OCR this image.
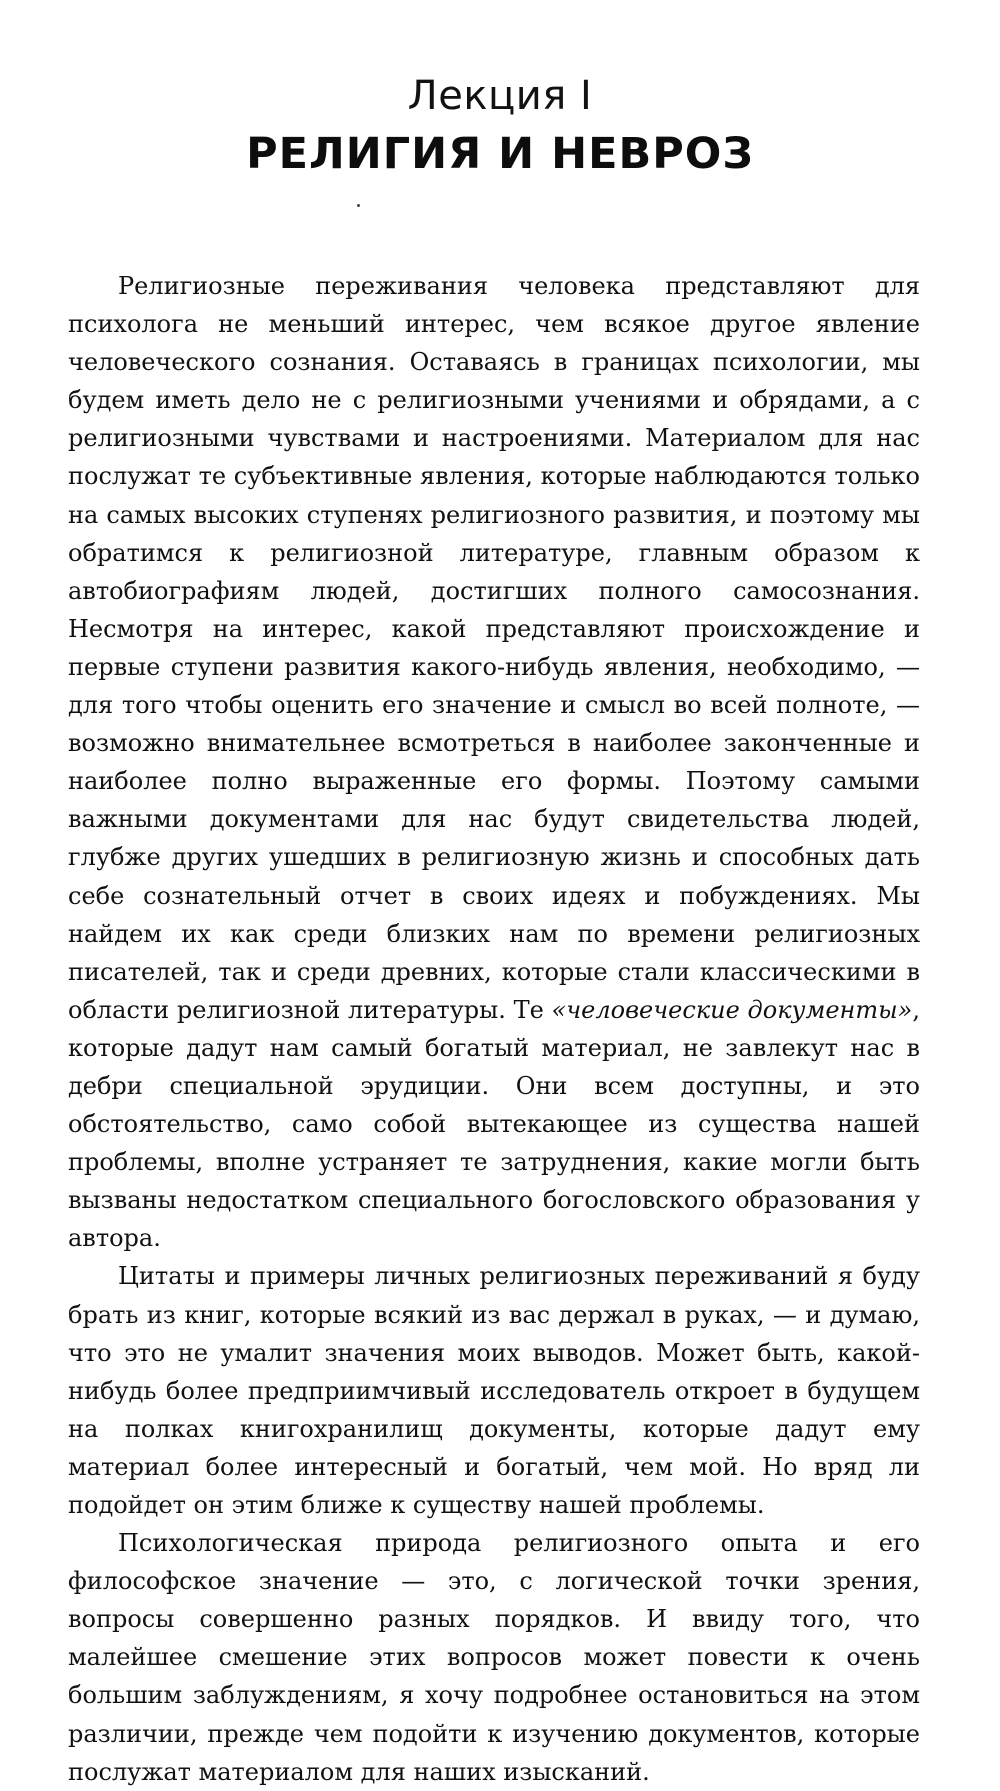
Лекция I
РЕЛИГИЯ И НЕВРОЗ

Религиозные переживания человека представляют для психолога не меньший интерес, чем всякое другое явление человеческого сознания. Оставаясь в границах психологии, мы будем иметь дело не с религиозными учениями и обрядами, а с религиозными чувствами и настроениями. Материалом для нас послужат те субъективные явления, которые наблюдаются только на самых высоких ступенях религиозного развития, и поэтому мы обратимся к религиозной литературе, главным образом к автобиографиям людей, достигших полного самосознания. Несмотря на интерес, какой представляют происхождение и первые ступени развития какого-нибудь явления, необходимо, — для того чтобы оценить его значение и смысл во всей полноте, — возможно внимательнее всмотреться в наиболее законченные и наиболее полно выраженные его формы. Поэтому самыми важными документами для нас будут свидетельства людей, глубже других ушедших в религиозную жизнь и способных дать себе сознательный отчет в своих идеях и побуждениях. Мы найдем их как среди близких нам по времени религиозных писателей, так и среди древних, которые стали классическими в области религиозной литературы. Те «человеческие документы», которые дадут нам самый богатый материал, не завлекут нас в дебри специальной эрудиции. Они всем доступны, и это обстоятельство, само собой вытекающее из существа нашей проблемы, вполне устраняет те затруднения, какие могли быть вызваны недостатком специального богословского образования у автора.

Цитаты и примеры личных религиозных переживаний я буду брать из книг, которые всякий из вас держал в руках, — и думаю, что это не умалит значения моих выводов. Может быть, какой-нибудь более предприимчивый исследователь откроет в будущем на полках книгохранилищ документы, которые дадут ему материал более интересный и богатый, чем мой. Но вряд ли подойдет он этим ближе к существу нашей проблемы.

Психологическая природа религиозного опыта и его философское значение — это, с логической точки зрения, вопросы совершенно разных порядков. И ввиду того, что малейшее смешение этих вопросов может повести к очень большим заблуждениям, я хочу подробнее остановиться на этом различии, прежде чем подойти к изучению документов, которые послужат материалом для наших изысканий.
